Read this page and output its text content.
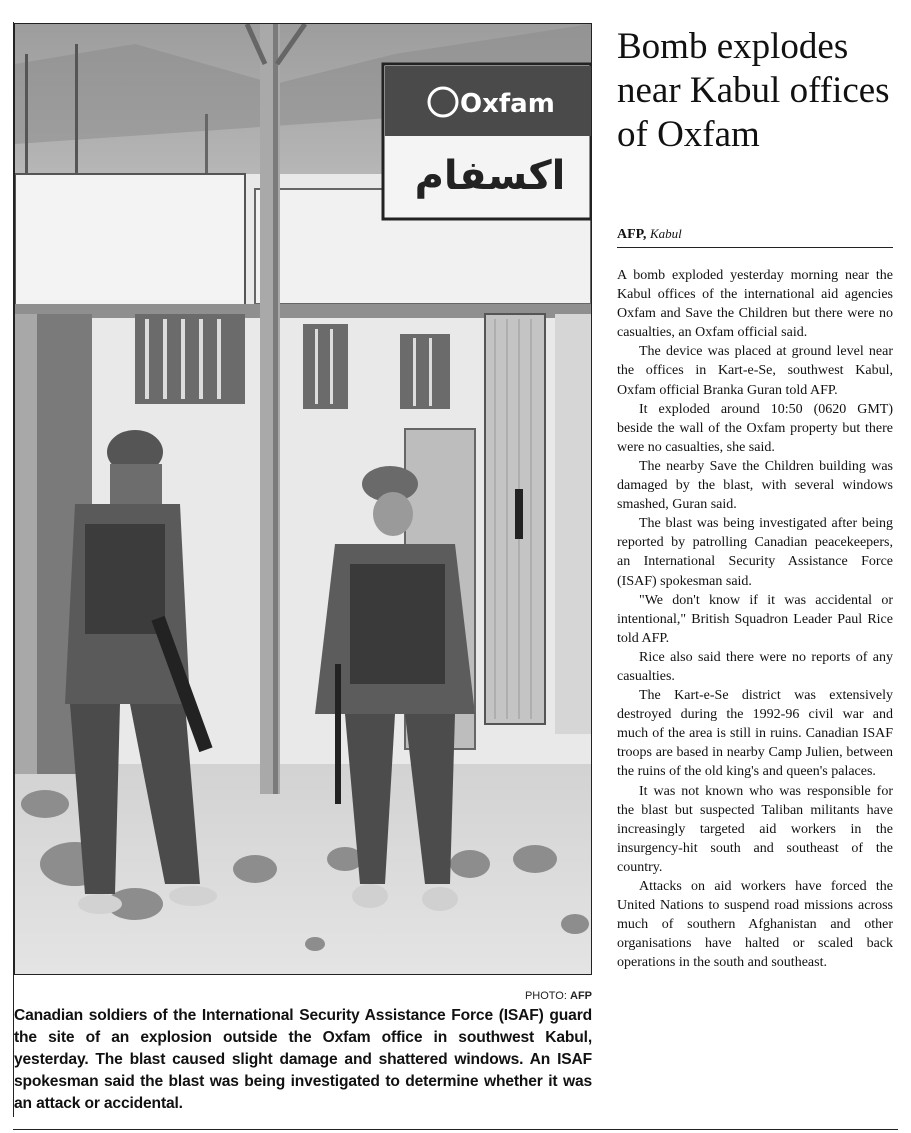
Oxfam
اکسفام
PHOTO: AFP
Canadian soldiers of the International Security Assistance Force (ISAF) guard the site of an explosion outside the Oxfam office in southwest Kabul, yesterday. The blast caused slight damage and shattered windows. An ISAF spokesman said the blast was being investigated to determine whether it was an attack or accidental.
Bomb explodes near Kabul offices of Oxfam
AFP, Kabul

A bomb exploded yesterday morning near the Kabul offices of the international aid agencies Oxfam and Save the Children but there were no casualties, an Oxfam official said.

The device was placed at ground level near the offices in Kart-e-Se, southwest Kabul, Oxfam official Branka Guran told AFP.

It exploded around 10:50 (0620 GMT) beside the wall of the Oxfam property but there were no casualties, she said.

The nearby Save the Children building was damaged by the blast, with several windows smashed, Guran said.

The blast was being investigated after being reported by patrolling Canadian peacekeepers, an International Security Assistance Force (ISAF) spokesman said.

"We don't know if it was accidental or intentional," British Squadron Leader Paul Rice told AFP.

Rice also said there were no reports of any casualties.

The Kart-e-Se district was extensively destroyed during the 1992-96 civil war and much of the area is still in ruins. Canadian ISAF troops are based in nearby Camp Julien, between the ruins of the old king's and queen's palaces.

It was not known who was responsible for the blast but suspected Taliban militants have increasingly targeted aid workers in the insurgency-hit south and southeast of the country.

Attacks on aid workers have forced the United Nations to suspend road missions across much of southern Afghanistan and other organisations have halted or scaled back operations in the south and southeast.
